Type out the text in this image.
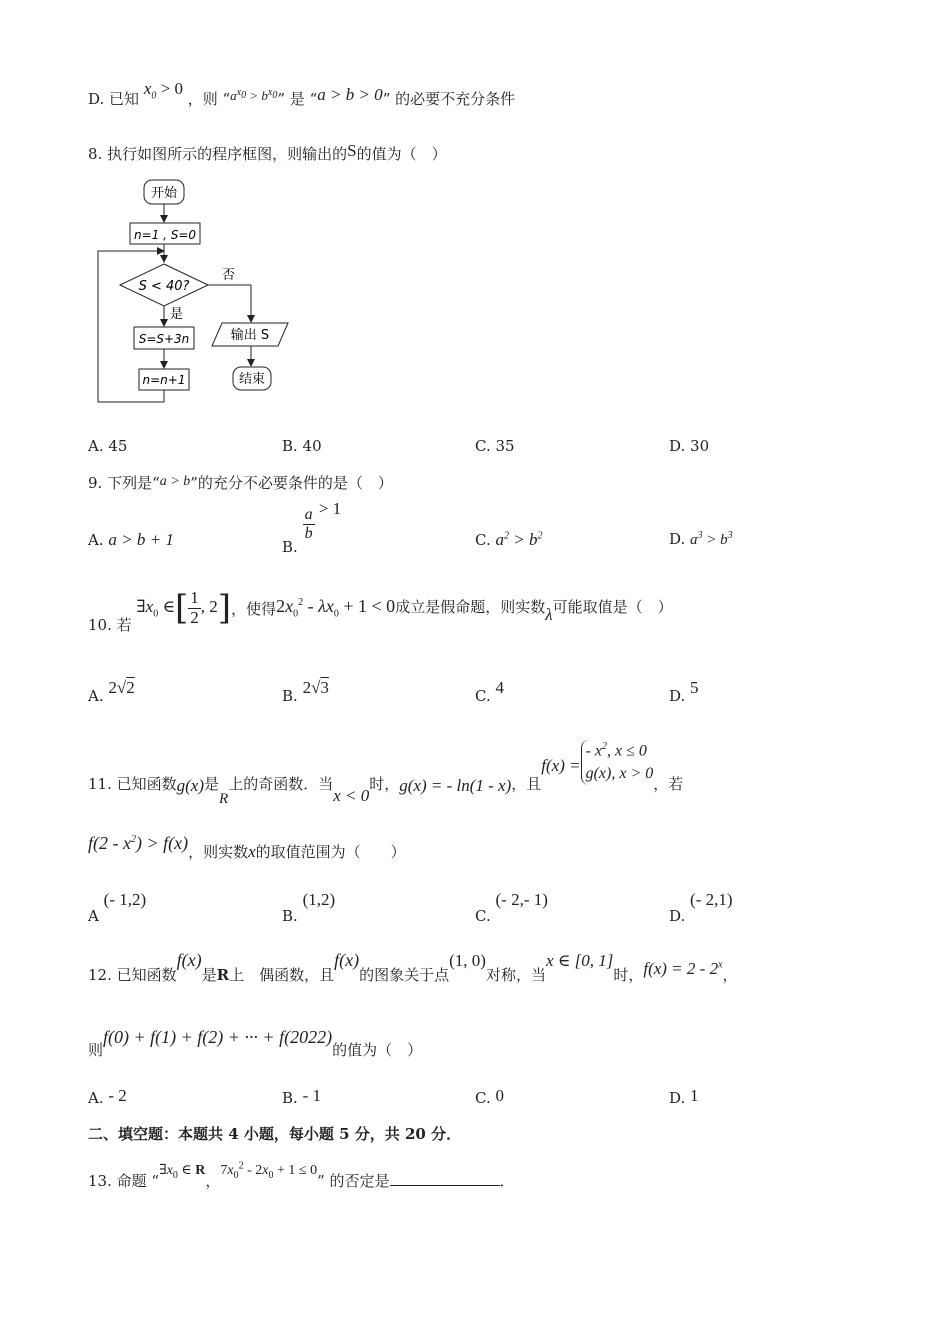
D. 已知 $x_0 > 0$ ，则 “$a^{x_0} > b^{x_0}$” 是 “a > b > 0” 的必要不充分条件
8. 执行如图所示的程序框图，则输出的S的值为（　）
开始
n=1 , S=0
S < 40?
否
输出 S
结束
是
S=S+3n
n=n+1
A. 45	B. 40	C. 35	D. 30
9. 下列是“a > b”的充分不必要条件的是（　）
A. a > b + 1	B.
$\frac{a}{b} > 1$
C. $a^2 > b^2$	D. $a^3 > b^3$
10. 若 $\exists x_0$ ∈[ $\frac{1}{2}$ , 2]，使得$2x_0^2 - \lambda x_0 + 1 < 0$成立是假命题，则实数λ可能取值是（　）
A. 2√2	B. 2√3	C. 4	D. 5
11. 已知函数g(x)是R上的奇函数．当x < 0时，g(x) = - ln(1 - x)，且$f(x) =- x^2$, x ≤ 0
g(x), x > 0，若
$f(2 - x^2) > f(x)$，则实数x的取值范围为（　　）
A (- 1,2)
B. (1,2)
C. (- 2,- 1)
D. (- 2,1)
12. 已知函数f(x)是R上　偶函数，且f(x)的图象关于点(1, 0)对称，当x ∈ [0, 1]时，f(x) = 2 - 2$^x$，
则f(0) + f(1) + f(2) + ··· + f(2022)的值为（　）
A. - 2	B. - 1	C. 0	D. 1
二、填空题：本题共 4 小题，每小题 5 分，共 20 分．
13. 命题 “$\exists x_0$ ∈ R，$7x_0^2 - 2x_0 + 1 \le 0$” 的否定是	．
